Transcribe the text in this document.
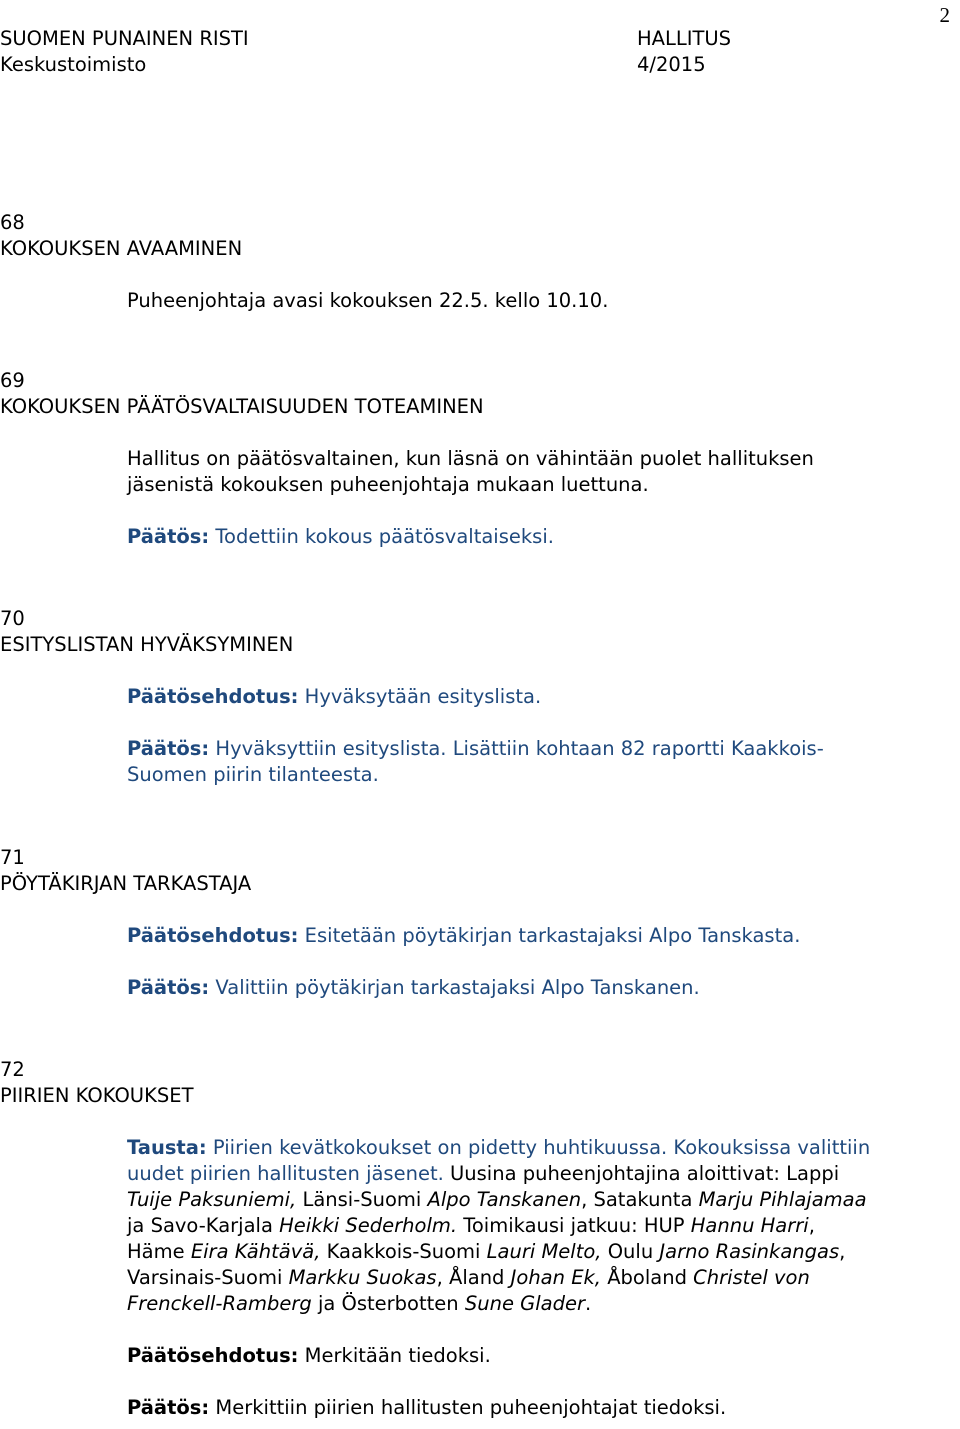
2
SUOMEN PUNAINEN RISTI	HALLITUS
Keskustoimisto	4/2015
68
KOKOUKSEN AVAAMINEN
Puheenjohtaja avasi kokouksen 22.5. kello 10.10.
69
KOKOUKSEN PÄÄTÖSVALTAISUUDEN TOTEAMINEN
Hallitus on päätösvaltainen, kun läsnä on vähintään puolet hallituksen
jäsenistä kokouksen puheenjohtaja mukaan luettuna.
Päätös: Todettiin kokous päätösvaltaiseksi.
70
ESITYSLISTAN HYVÄKSYMINEN
Päätösehdotus: Hyväksytään esityslista.
Päätös: Hyväksyttiin esityslista. Lisättiin kohtaan 82 raportti Kaakkois-
Suomen piirin tilanteesta.
71
PÖYTÄKIRJAN TARKASTAJA
Päätösehdotus: Esitetään pöytäkirjan tarkastajaksi Alpo Tanskasta.
Päätös: Valittiin pöytäkirjan tarkastajaksi Alpo Tanskanen.
72
PIIRIEN KOKOUKSET
Tausta: Piirien kevätkokoukset on pidetty huhtikuussa. Kokouksissa valittiin
uudet piirien hallitusten jäsenet. Uusina puheenjohtajina aloittivat: Lappi
Tuije Paksuniemi, Länsi-Suomi Alpo Tanskanen, Satakunta Marju Pihlajamaa
ja Savo-Karjala Heikki Sederholm. Toimikausi jatkuu: HUP Hannu Harri,
Häme Eira Kähtävä, Kaakkois-Suomi Lauri Melto, Oulu Jarno Rasinkangas,
Varsinais-Suomi Markku Suokas, Åland Johan Ek, Åboland Christel von
Frenckell-Ramberg ja Österbotten Sune Glader.
Päätösehdotus: Merkitään tiedoksi.
Päätös: Merkittiin piirien hallitusten puheenjohtajat tiedoksi.
